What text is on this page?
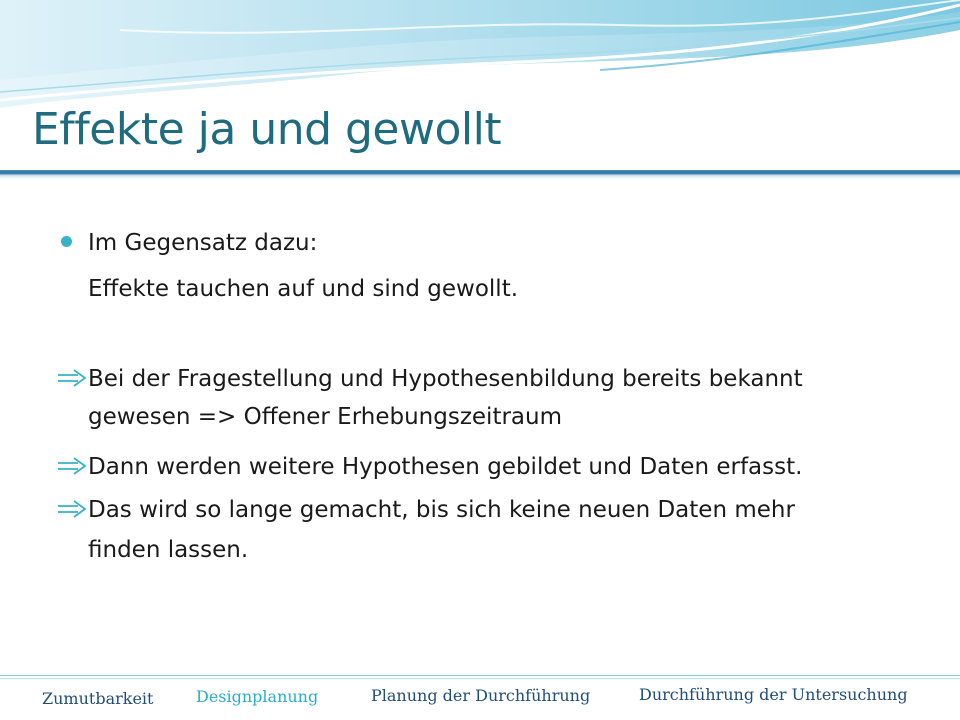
Effekte ja und gewollt
Im Gegensatz dazu:
Effekte tauchen auf und sind gewollt.
Bei der Fragestellung und Hypothesenbildung bereits bekannt
gewesen => Offener Erhebungszeitraum
Dann werden weitere Hypothesen gebildet und Daten erfasst.
Das wird so lange gemacht, bis sich keine neuen Daten mehr
finden lassen.
Zumutbarkeit	Designplanung	Planung der Durchführung	Durchführung der Untersuchung
